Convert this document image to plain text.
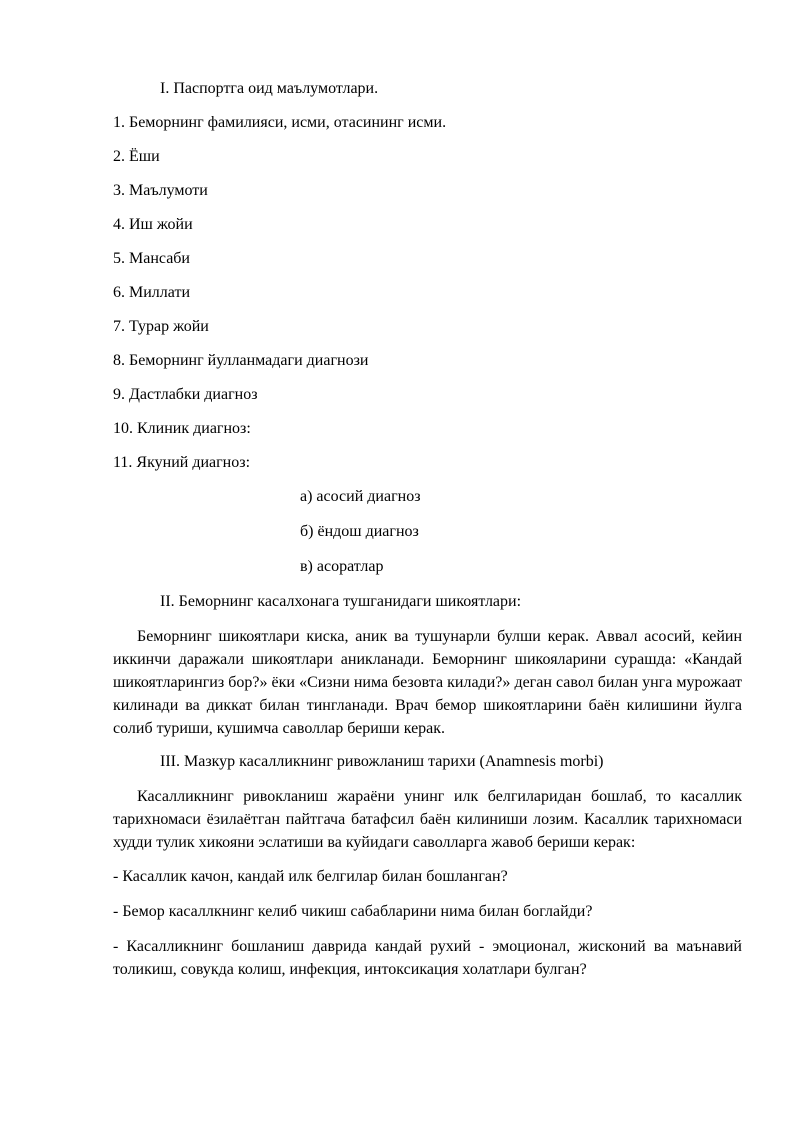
I. Паспортга оид маълумотлари.

1. Беморнинг фамилияси, исми, отасининг исми.

2. Ёши

3. Маълумоти

4. Иш жойи

5. Мансаби

6. Миллати

7. Турар жойи

8. Беморнинг йулланмадаги диагнози

9. Дастлабки диагноз

10. Клиник диагноз:

11. Якуний диагноз:

а) асосий диагноз

б) ёндош диагноз

в) асоратлар

II. Беморнинг касалхонага тушганидаги шикоятлари:

Беморнинг шикоятлари киска, аник ва тушунарли булши керак. Аввал асосий, кейин иккинчи даражали шикоятлари аникланади. Беморнинг шикояларини сурашда: «Кандай шикоятларингиз бор?» ёки «Сизни нима безовта килади?» деган савол билан унга мурожаат килинади ва диккат билан тингланади. Врач бемор шикоятларини баён килишини йулга солиб туриши, кушимча саволлар бериши керак.

III. Мазкур касалликнинг ривожланиш тарихи (Anamnesis morbi)

Касалликнинг ривокланиш жараёни унинг илк белгиларидан бошлаб, то касаллик тарихномаси ёзилаётган пайтгача батафсил баён килиниши лозим. Касаллик тарихномаси худди тулик хикояни эслатиши ва куйидаги саволларга жавоб бериши керак:

- Касаллик качон, кандай илк белгилар билан бошланган?

- Бемор касаллкнинг келиб чикиш сабабларини нима билан боглайди?

- Касалликнинг бошланиш даврида кандай рухий - эмоционал, жисконий ва маънавий толикиш, совукда колиш, инфекция, интоксикация холатлари булган?
